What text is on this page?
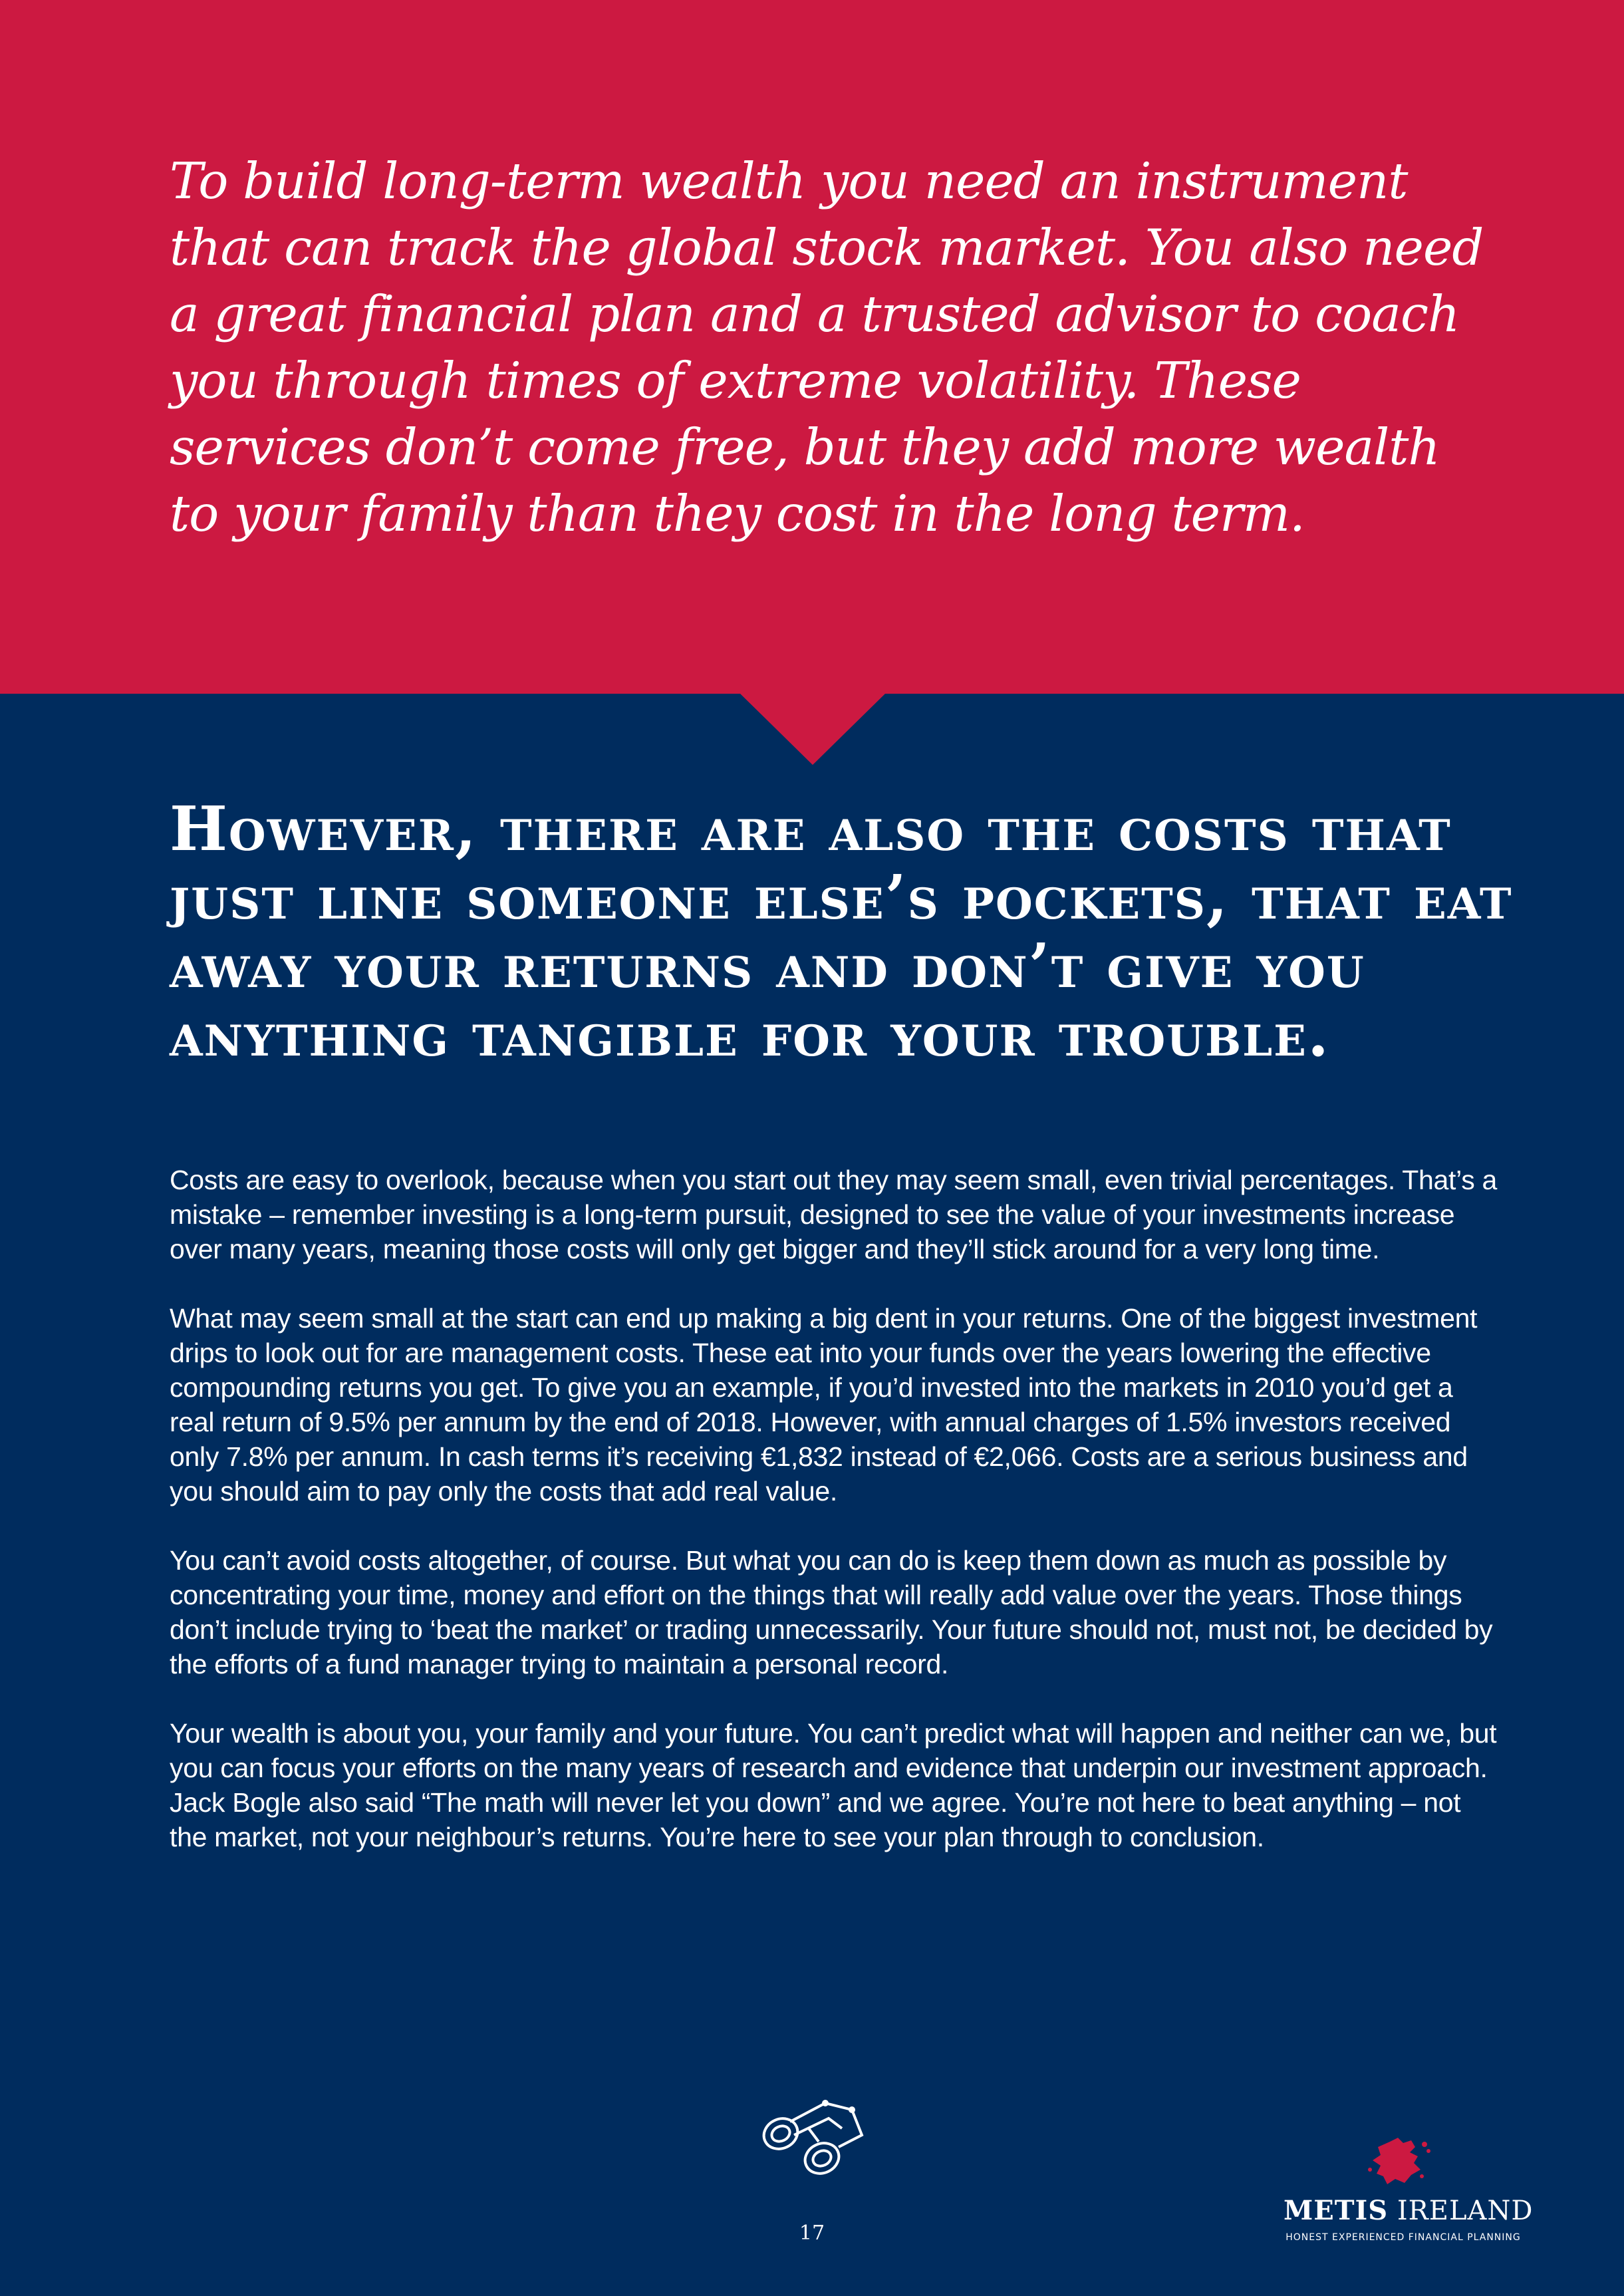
To build long-term wealth you need an instrument that can track the global stock market. You also need a great financial plan and a trusted advisor to coach you through times of extreme volatility. These services don’t come free, but they add more wealth to your family than they cost in the long term.

However, there are also the costs that just line someone else’s pockets, that eat away your returns and don’t give you anything tangible for your trouble.

Costs are easy to overlook, because when you start out they may seem small, even trivial percentages. That’s a mistake – remember investing is a long-term pursuit, designed to see the value of your investments increase over many years, meaning those costs will only get bigger and they’ll stick around for a very long time.

What may seem small at the start can end up making a big dent in your returns. One of the biggest investment drips to look out for are management costs. These eat into your funds over the years lowering the effective compounding returns you get. To give you an example, if you’d invested into the markets in 2010 you’d get a real return of 9.5% per annum by the end of 2018. However, with annual charges of 1.5% investors received only 7.8% per annum. In cash terms it’s receiving €1,832 instead of €2,066. Costs are a serious business and you should aim to pay only the costs that add real value.

You can’t avoid costs altogether, of course. But what you can do is keep them down as much as possible by concentrating your time, money and effort on the things that will really add value over the years. Those things don’t include trying to ‘beat the market’ or trading unnecessarily. Your future should not, must not, be decided by the efforts of a fund manager trying to maintain a personal record.

Your wealth is about you, your family and your future. You can’t predict what will happen and neither can we, but you can focus your efforts on the many years of research and evidence that underpin our investment approach. Jack Bogle also said “The math will never let you down” and we agree. You’re not here to beat anything – not the market, not your neighbour’s returns. You’re here to see your plan through to conclusion.

17
METIS IRELAND
HONEST EXPERIENCED FINANCIAL PLANNING
